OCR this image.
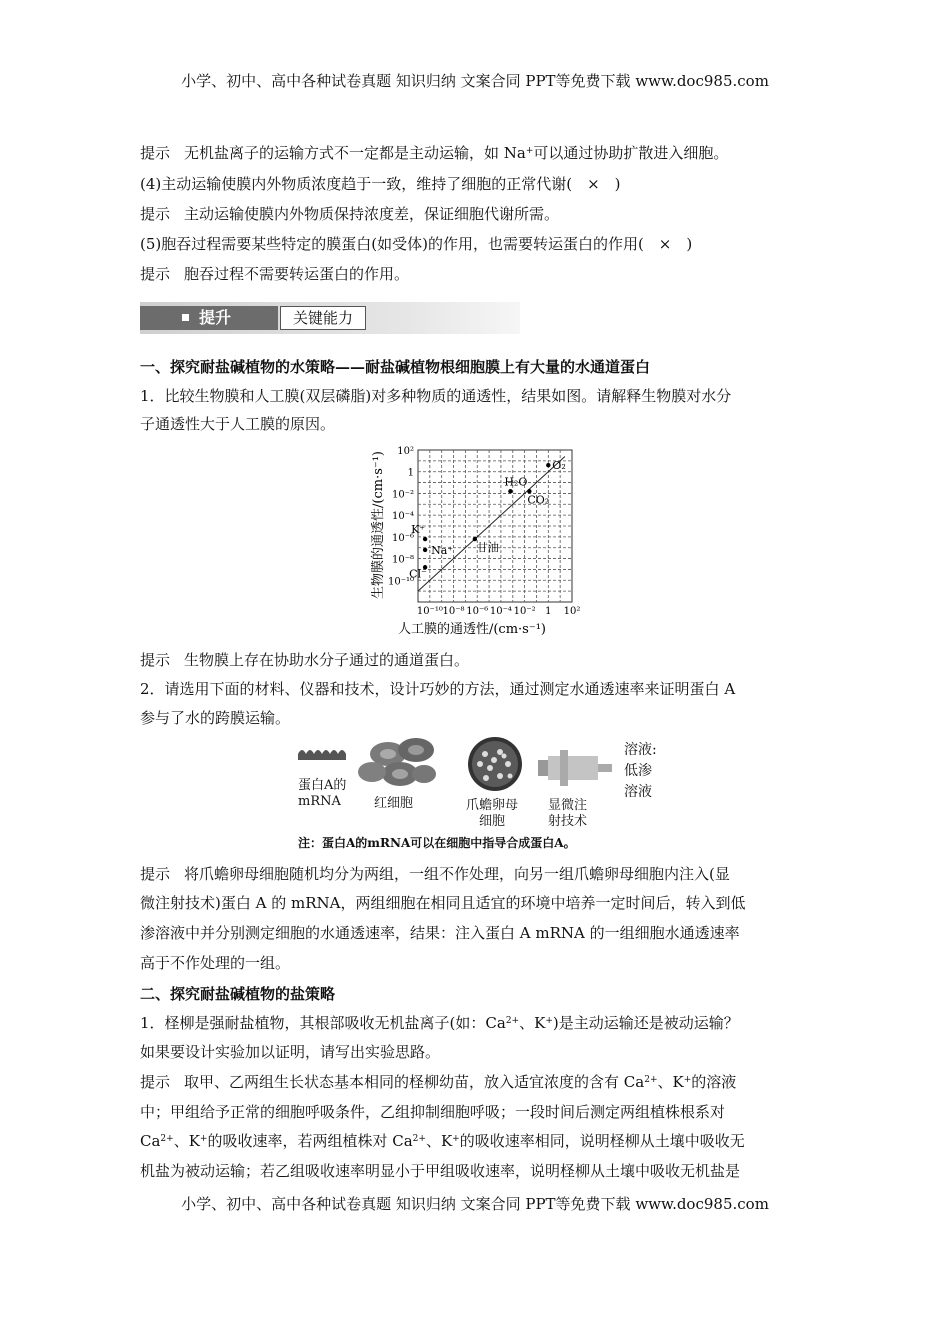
小学、初中、高中各种试卷真题 知识归纳 文案合同 PPT等免费下载 www.doc985.com
提示 无机盐离子的运输方式不一定都是主动运输，如 Na+可以通过协助扩散进入细胞。
(4)主动运输使膜内外物质浓度趋于一致，维持了细胞的正常代谢(　×　)
提示 主动运输使膜内外物质保持浓度差，保证细胞代谢所需。
(5)胞吞过程需要某些特定的膜蛋白(如受体)的作用，也需要转运蛋白的作用(　×　)
提示 胞吞过程不需要转运蛋白的作用。
提升	关键能力
一、探究耐盐碱植物的水策略——耐盐碱植物根细胞膜上有大量的水通道蛋白
1．比较生物膜和人工膜(双层磷脂)对多种物质的通透性，结果如图。请解释生物膜对水分
子通透性大于人工膜的原因。
10⁻¹⁰ 10⁻⁸ 10⁻⁶ 10⁻⁴ 10⁻² 1 10²
10⁻¹⁰
10⁻⁸
10⁻⁶
10⁻⁴
10⁻²
1
10²
O₂
H₂O
CO₂
甘油
K⁺
Na⁺
Cl⁻
人工膜的通透性/(cm·s⁻¹)
生物膜的通透性/(cm·s⁻¹)
提示 生物膜上存在协助水分子通过的通道蛋白。
2．请选用下面的材料、仪器和技术，设计巧妙的方法，通过测定水通透速率来证明蛋白 A
参与了水的跨膜运输。
蛋白A的
mRNA	红细胞	爪蟾卵母
细胞
显微注
射技术
溶液:
低渗
溶液
注：蛋白A的mRNA可以在细胞中指导合成蛋白A。
提示 将爪蟾卵母细胞随机均分为两组，一组不作处理，向另一组爪蟾卵母细胞内注入(显
微注射技术)蛋白 A 的 mRNA，两组细胞在相同且适宜的环境中培养一定时间后，转入到低
渗溶液中并分别测定细胞的水通透速率，结果：注入蛋白 A mRNA 的一组细胞水通透速率
高于不作处理的一组。
二、探究耐盐碱植物的盐策略
1．柽柳是强耐盐植物，其根部吸收无机盐离子(如：$Ca^{2+}$、K+)是主动运输还是被动运输？
如果要设计实验加以证明，请写出实验思路。
提示 取甲、乙两组生长状态基本相同的柽柳幼苗，放入适宜浓度的含有 $Ca^{2+}$、K+的溶液
中；甲组给予正常的细胞呼吸条件，乙组抑制细胞呼吸；一段时间后测定两组植株根系对
$Ca^{2+}$、K+的吸收速率，若两组植株对 $Ca^{2+}$、K+的吸收速率相同，说明柽柳从土壤中吸收无
机盐为被动运输；若乙组吸收速率明显小于甲组吸收速率，说明柽柳从土壤中吸收无机盐是
小学、初中、高中各种试卷真题 知识归纳 文案合同 PPT等免费下载 www.doc985.com
